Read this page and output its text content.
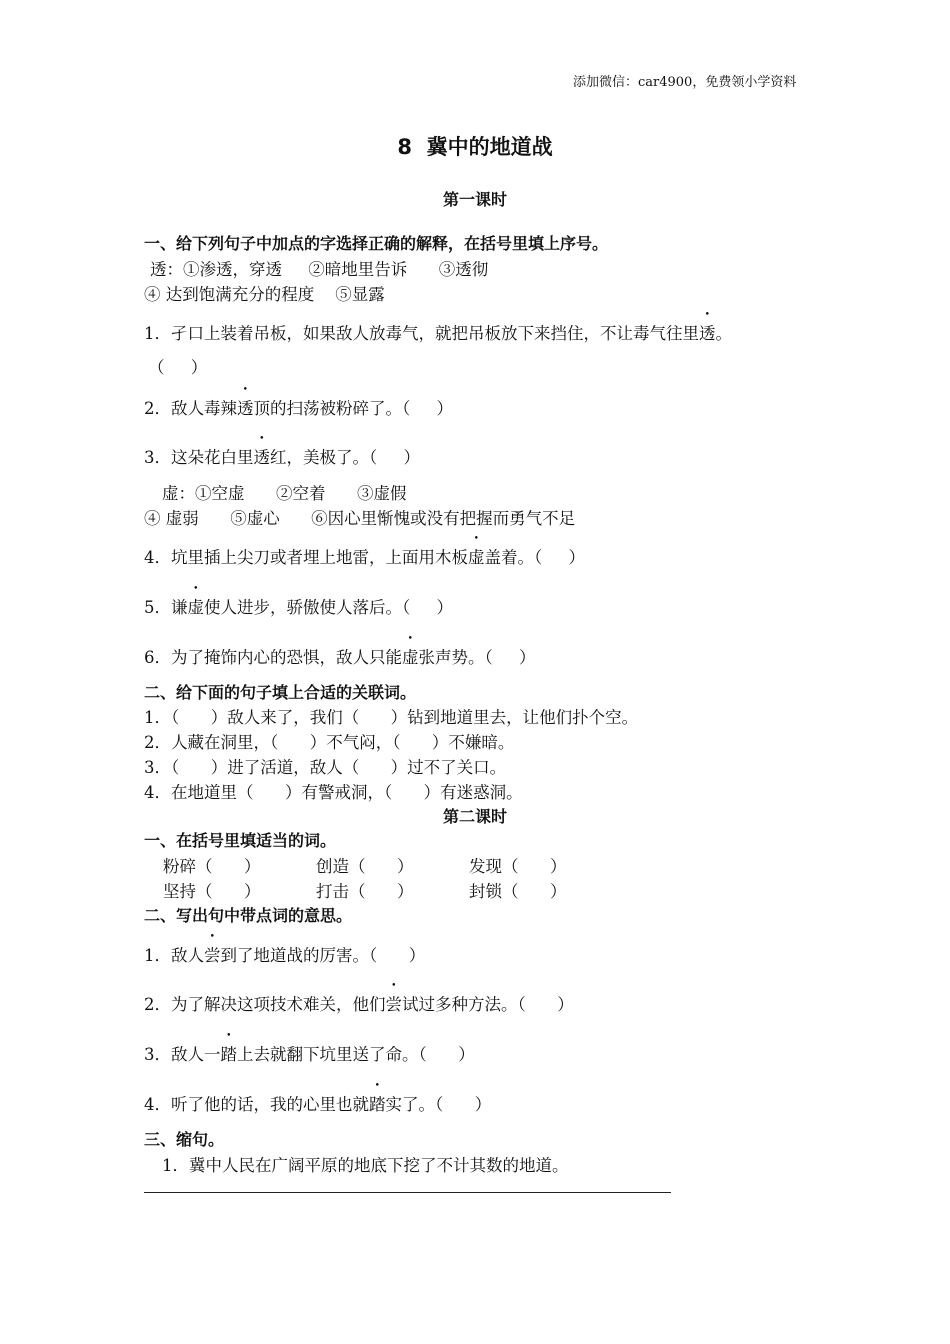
添加微信：car4900，免费领小学资料
8  冀中的地道战
第一课时
一、给下列句子中加点的字选择正确的解释，在括号里填上序号。
透：①渗透，穿透     ②暗地里告诉      ③透彻
④ 达到饱满充分的程度    ⑤显露
1．孑口上装着吊板，如果敌人放毒气，就把吊板放下来挡住，不让毒气往里透。
（     ）
2．敌人毒辣透顶的扫荡被粉碎了。（     ）
3．这朵花白里透红，美极了。（     ）
虚：①空虚      ②空着      ③虚假
④ 虚弱      ⑤虚心      ⑥因心里惭愧或没有把握而勇气不足
4．坑里插上尖刀或者埋上地雷，上面用木板虚盖着。（     ）
5．谦虚使人进步，骄傲使人落后。（     ）
6．为了掩饰内心的恐惧，敌人只能虚张声势。（     ）
二、给下面的句子填上合适的关联词。
1．（      ）敌人来了，我们（      ）钻到地道里去，让他们扑个空。
2．人藏在洞里，（      ）不气闷，（      ）不嫌暗。
3．（      ）进了活道，敌人（      ）过不了关口。
4．在地道里（      ）有警戒洞，（      ）有迷惑洞。
第二课时
一、在括号里填适当的词。
粉碎（      ）	创造（      ）	发现（      ）
坚持（      ）	打击（      ）	封锁（      ）
二、写出句中带点词的意思。
1．敌人尝到了地道战的厉害。（      ）
2．为了解决这项技术难关，他们尝试过多种方法。（      ）
3．敌人一踏上去就翻下坑里送了命。（      ）
4．听了他的话，我的心里也就踏实了。（      ）
三、缩句。
1．冀中人民在广阔平原的地底下挖了不计其数的地道。
